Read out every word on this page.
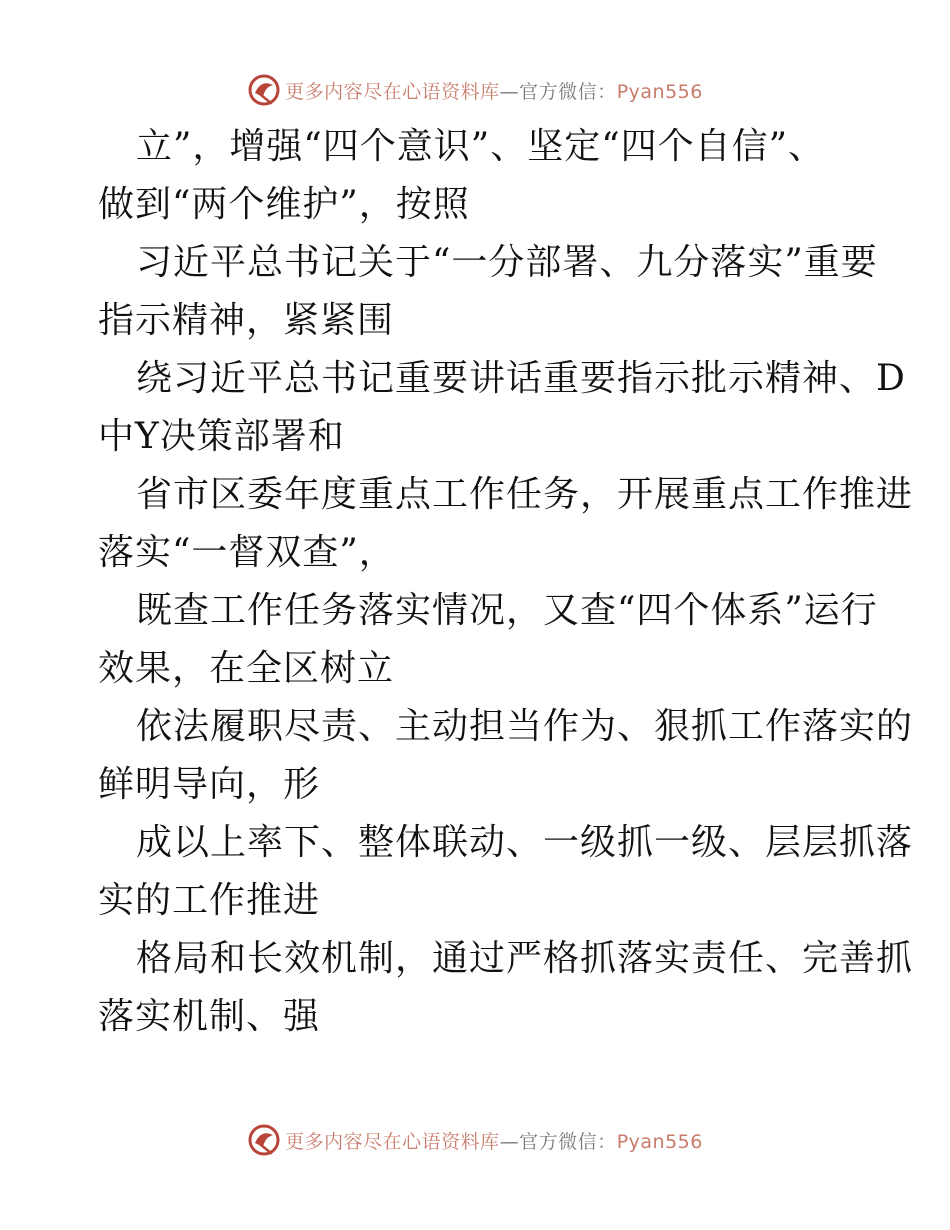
更多内容尽在心语资料库—官方微信：Pyan556
立”，增强“四个意识”、坚定“四个自信”、
做到“两个维护”，按照
习近平总书记关于“一分部署、九分落实”重要
指示精神，紧紧围
绕习近平总书记重要讲话重要指示批示精神、D
中Y决策部署和
省市区委年度重点工作任务，开展重点工作推进
落实“一督双查”，
既查工作任务落实情况，又查“四个体系”运行
效果，在全区树立
依法履职尽责、主动担当作为、狠抓工作落实的
鲜明导向，形
成以上率下、整体联动、一级抓一级、层层抓落
实的工作推进
格局和长效机制，通过严格抓落实责任、完善抓
落实机制、强
更多内容尽在心语资料库—官方微信：Pyan556
